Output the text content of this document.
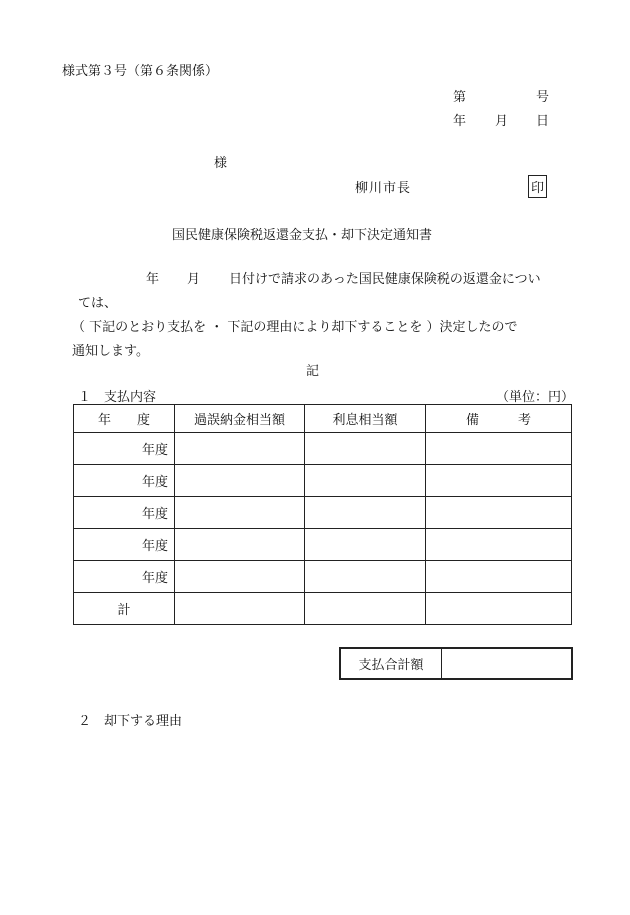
様式第３号（第６条関係）
第	号
年 月 日
様
柳川市長	印
国民健康保険税返還金支払・却下決定通知書
年 月 日付けで請求のあった国民健康保険税の返還金につい
ては、
（ 下記のとおり支払を ・ 下記の理由により却下することを ）決定したので
通知します。
記
１　支払内容	（単位：円）
年　　度	過誤納金相当額	利息相当額	備　　　考
年度			
年度			
年度			
年度			
年度			
計			
支払合計額
２　却下する理由
